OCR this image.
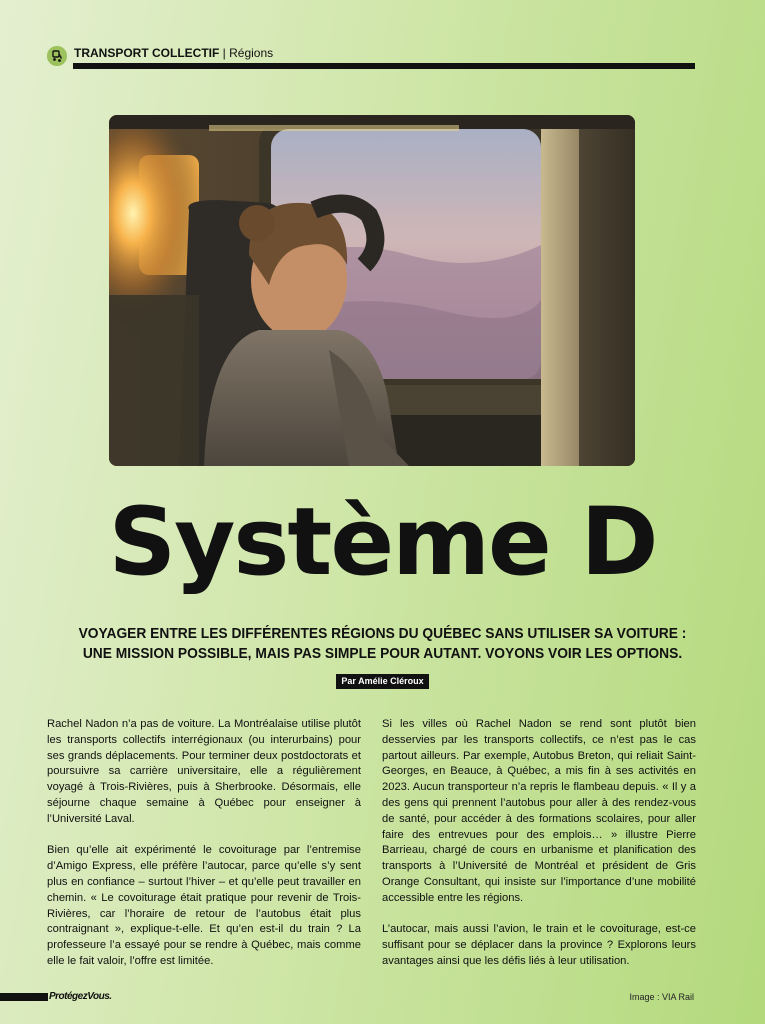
TRANSPORT COLLECTIF | Régions
Système D
VOYAGER ENTRE LES DIFFÉRENTES RÉGIONS DU QUÉBEC SANS UTILISER SA VOITURE :
UNE MISSION POSSIBLE, MAIS PAS SIMPLE POUR AUTANT. VOYONS VOIR LES OPTIONS.
Par Amélie Cléroux

Rachel Nadon n’a pas de voiture. La Montréalaise utilise plutôt les transports collectifs interrégionaux (ou interurbains) pour ses grands déplacements. Pour terminer deux postdoctorats et poursuivre sa carrière universitaire, elle a régulièrement voyagé à Trois-Rivières, puis à Sherbrooke. Désormais, elle séjourne chaque semaine à Québec pour enseigner à l’Université Laval.

Bien qu’elle ait expérimenté le covoiturage par l’entremise d’Amigo Express, elle préfère l’autocar, parce qu’elle s’y sent plus en confiance – surtout l’hiver – et qu’elle peut travailler en chemin. « Le covoiturage était pratique pour revenir de Trois-Rivières, car l’horaire de retour de l’autobus était plus contraignant », explique-t-elle. Et qu’en est-il du train ? La professeure l’a essayé pour se rendre à Québec, mais comme elle le fait valoir, l’offre est limitée.

Si les villes où Rachel Nadon se rend sont plutôt bien desservies par les transports collectifs, ce n’est pas le cas partout ailleurs. Par exemple, Autobus Breton, qui reliait Saint-Georges, en Beauce, à Québec, a mis fin à ses activités en 2023. Aucun transporteur n’a repris le flambeau depuis. « Il y a des gens qui prennent l’autobus pour aller à des rendez-vous de santé, pour accéder à des formations scolaires, pour aller faire des entrevues pour des emplois… » illustre Pierre Barrieau, chargé de cours en urbanisme et planification des transports à l’Université de Montréal et président de Gris Orange Consultant, qui insiste sur l’importance d’une mobilité accessible entre les régions.

L’autocar, mais aussi l’avion, le train et le covoiturage, est-ce suffisant pour se déplacer dans la province ? Explorons leurs avantages ainsi que les défis liés à leur utilisation.

ProtégezVous.	Image : VIA Rail
